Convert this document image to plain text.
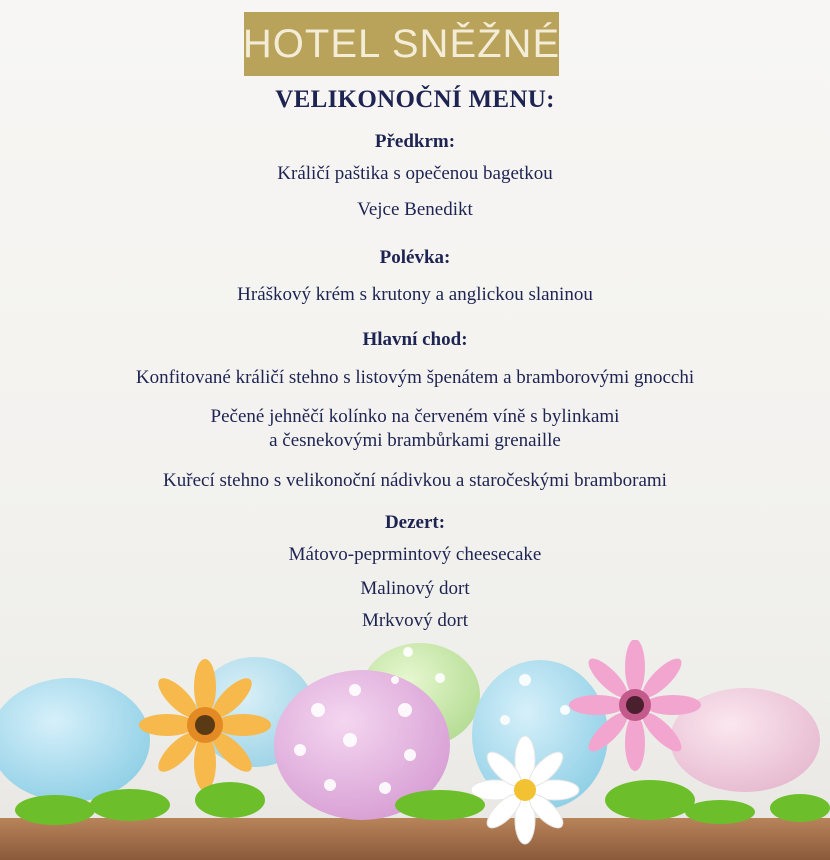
HOTEL SNĚŽNÉ
VELIKONOČNÍ MENU:
Předkrm:
Králičí paštika s opečenou bagetkou
Vejce Benedikt
Polévka:
Hráškový krém s krutony a anglickou slaninou
Hlavní chod:
Konfitované králičí stehno s listovým špenátem a bramborovými gnocchi
Pečené jehněčí kolínko na červeném víně s bylinkami
a česnekovými brambůrkami grenaille
Kuřecí stehno s velikonoční nádivkou a staročeskými bramborami
Dezert:
Mátovo-peprmintový cheesecake
Malinový dort
Mrkvový dort
